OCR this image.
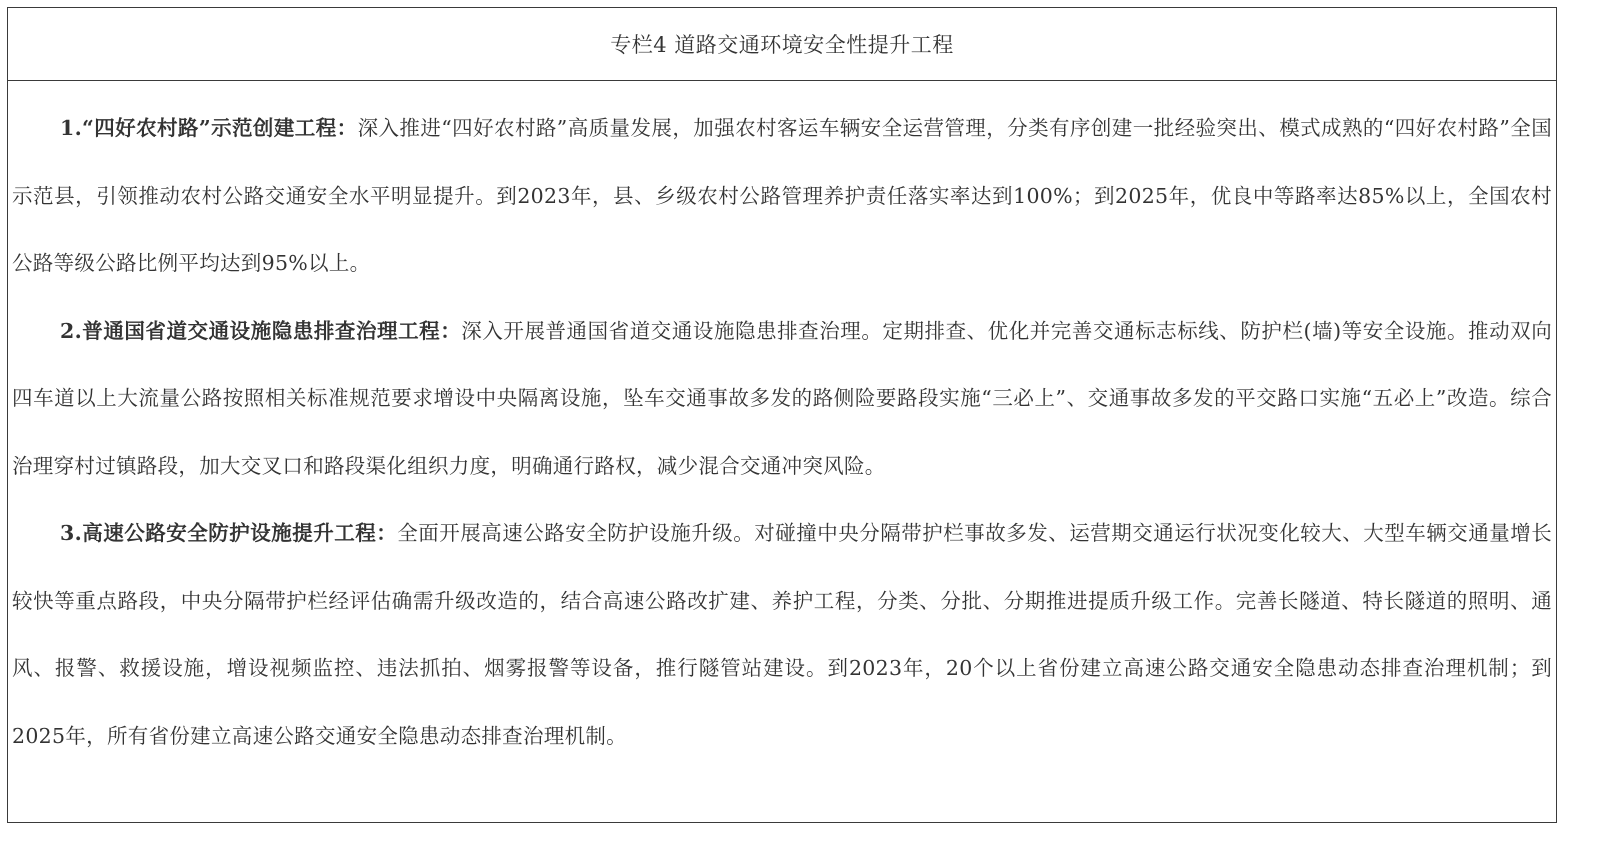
专栏4 道路交通环境安全性提升工程

1.“四好农村路”示范创建工程：深入推进“四好农村路”高质量发展，加强农村客运车辆安全运营管理，分类有序创建一批经验突出、模式成熟的“四好农村路”全国示范县，引领推动农村公路交通安全水平明显提升。到2023年，县、乡级农村公路管理养护责任落实率达到100%；到2025年，优良中等路率达85%以上，全国农村公路等级公路比例平均达到95%以上。

2.普通国省道交通设施隐患排查治理工程：深入开展普通国省道交通设施隐患排查治理。定期排查、优化并完善交通标志标线、防护栏(墙)等安全设施。推动双向四车道以上大流量公路按照相关标准规范要求增设中央隔离设施，坠车交通事故多发的路侧险要路段实施“三必上”、交通事故多发的平交路口实施“五必上”改造。综合治理穿村过镇路段，加大交叉口和路段渠化组织力度，明确通行路权，减少混合交通冲突风险。

3.高速公路安全防护设施提升工程：全面开展高速公路安全防护设施升级。对碰撞中央分隔带护栏事故多发、运营期交通运行状况变化较大、大型车辆交通量增长较快等重点路段，中央分隔带护栏经评估确需升级改造的，结合高速公路改扩建、养护工程，分类、分批、分期推进提质升级工作。完善长隧道、特长隧道的照明、通风、报警、救援设施，增设视频监控、违法抓拍、烟雾报警等设备，推行隧管站建设。到2023年，20个以上省份建立高速公路交通安全隐患动态排查治理机制；到2025年，所有省份建立高速公路交通安全隐患动态排查治理机制。
